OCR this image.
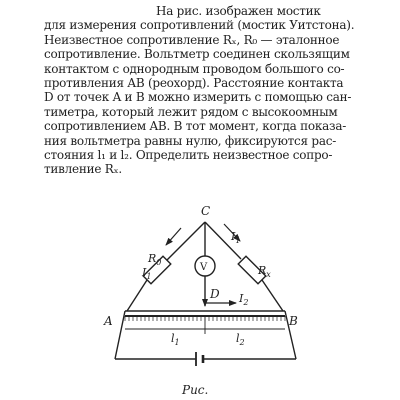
На рис. изображен мостик
для измерения сопротивлений (мостик Уитстона).
Неизвестное сопротивление Rₓ, R₀ — эталонное
сопротивление. Вольтметр соединен скользящим
контактом с однородным проводом большого со-
противления AB (реохорд). Расстояние контакта
D от точек A и B можно измерить с помощью сан-
тиметра, который лежит рядом с высокоомным
сопротивлением AB. В тот момент, когда показа-
ния вольтметра равны нулю, фиксируются рас-
стояния l₁ и l₂. Определить неизвестное сопро-
тивление Rₓ.
C
D
A	B
V
$I_1$
$I_1$
$I_2$
$R_0$
$R_x$
$l_1$	$l_2$
Рис.
